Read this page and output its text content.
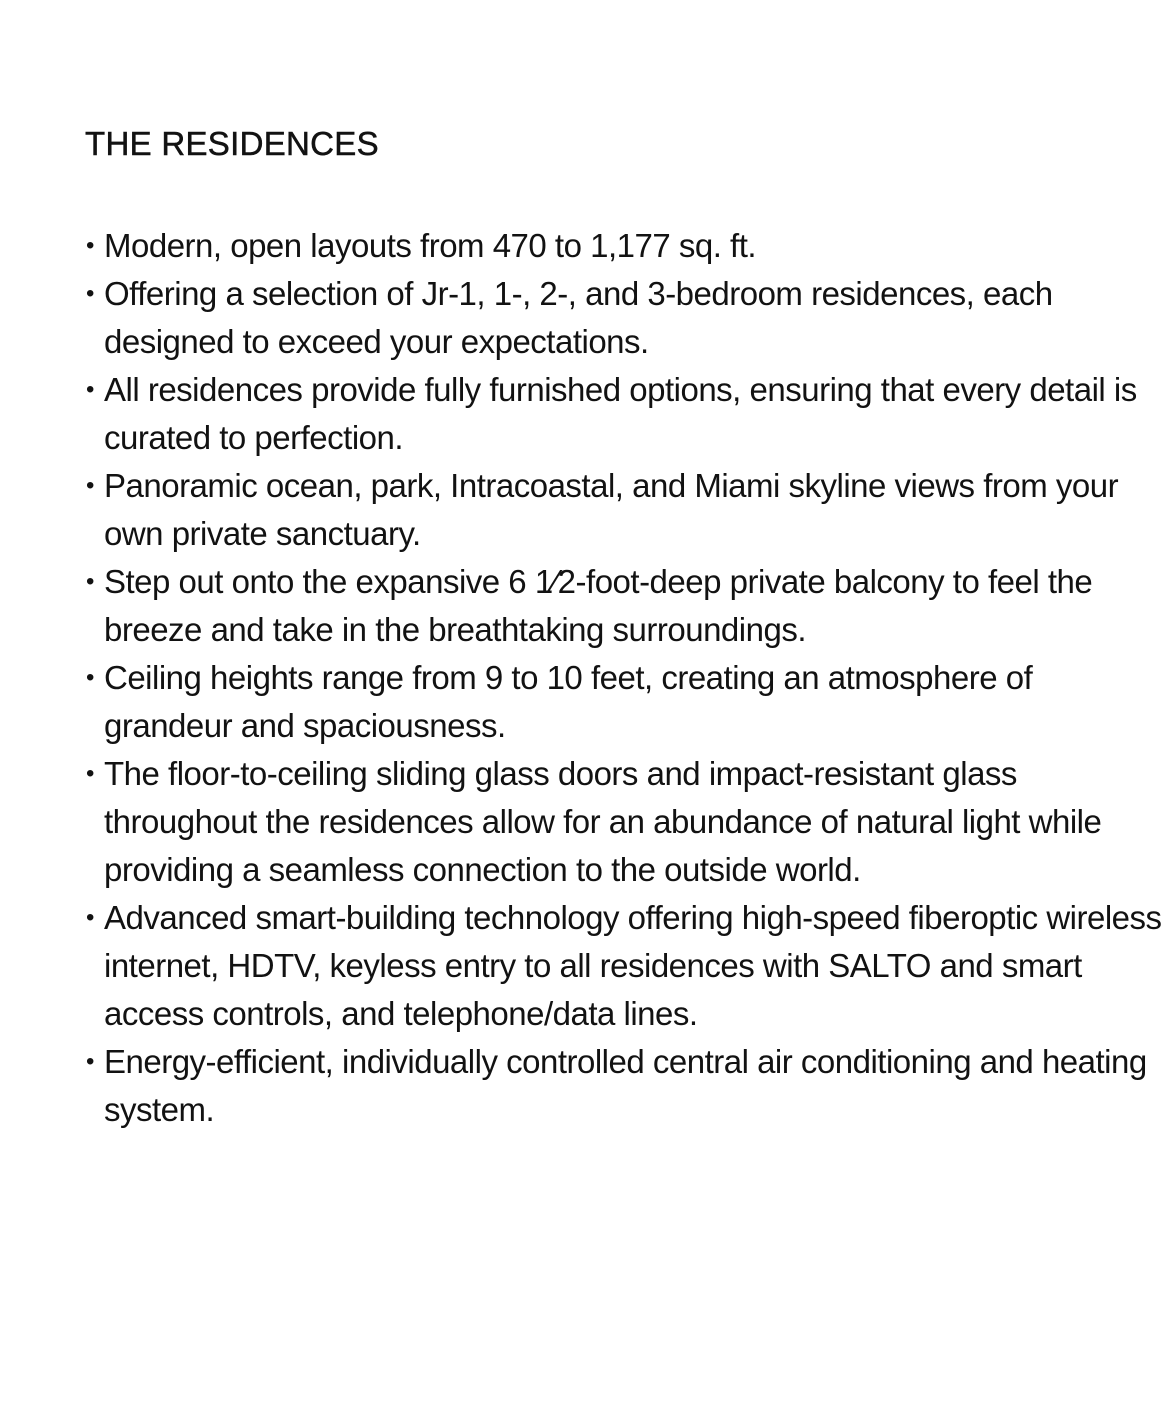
THE RESIDENCES
• Modern, open layouts from 470 to 1,177 sq. ft.
• Offering a selection of Jr-1, 1-, 2-, and 3-bedroom residences, each designed to exceed your expectations.
• All residences provide fully furnished options, ensuring that every detail is curated to perfection.
• Panoramic ocean, park, Intracoastal, and Miami skyline views from your own private sanctuary.
• Step out onto the expansive 6 1⁄2-foot-deep private balcony to feel the breeze and take in the breathtaking surroundings.
• Ceiling heights range from 9 to 10 feet, creating an atmosphere of grandeur and spaciousness.
• The floor-to-ceiling sliding glass doors and impact-resistant glass throughout the residences allow for an abundance of natural light while providing a seamless connection to the outside world.
• Advanced smart-building technology offering high-speed fiberoptic wireless internet, HDTV, keyless entry to all residences with SALTO and smart access controls, and telephone/data lines.
• Energy-efficient, individually controlled central air conditioning and heating system.
